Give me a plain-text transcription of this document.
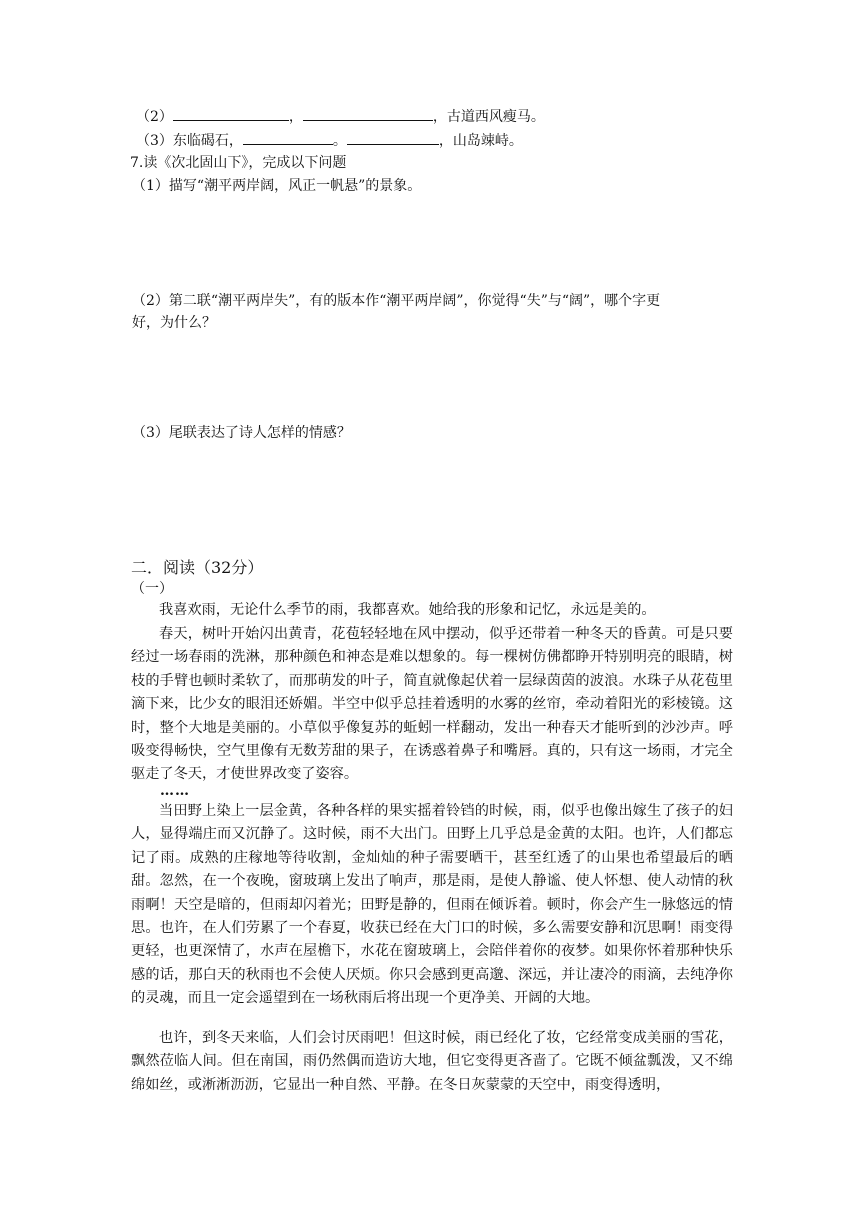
（2）	，	，古道西风瘦马。
（3）东临碣石，	。	，山岛竦峙。
7.读《次北固山下》，完成以下问题
（1）描写“潮平两岸阔，风正一帆悬”的景象。
（2）第二联“潮平两岸失”，有的版本作“潮平两岸阔”，你觉得“失”与“阔”，哪个字更
好，为什么？
（3）尾联表达了诗人怎样的情感？
二．阅读（32分）
（一）

我喜欢雨，无论什么季节的雨，我都喜欢。她给我的形象和记忆，永远是美的。

春天，树叶开始闪出黄青，花苞轻轻地在风中摆动，似乎还带着一种冬天的昏黄。可是只要经过一场春雨的洗淋，那种颜色和神态是难以想象的。每一棵树仿佛都睁开特别明亮的眼睛，树枝的手臂也顿时柔软了，而那萌发的叶子，简直就像起伏着一层绿茵茵的波浪。水珠子从花苞里滴下来，比少女的眼泪还娇媚。半空中似乎总挂着透明的水雾的丝帘，牵动着阳光的彩棱镜。这时，整个大地是美丽的。小草似乎像复苏的蚯蚓一样翻动，发出一种春天才能听到的沙沙声。呼吸变得畅快，空气里像有无数芳甜的果子，在诱惑着鼻子和嘴唇。真的，只有这一场雨，才完全驱走了冬天，才使世界改变了姿容。

……

当田野上染上一层金黄，各种各样的果实摇着铃铛的时候，雨，似乎也像出嫁生了孩子的妇人，显得端庄而又沉静了。这时候，雨不大出门。田野上几乎总是金黄的太阳。也许，人们都忘记了雨。成熟的庄稼地等待收割，金灿灿的种子需要晒干，甚至红透了的山果也希望最后的晒甜。忽然，在一个夜晚，窗玻璃上发出了响声，那是雨，是使人静谧、使人怀想、使人动情的秋雨啊！天空是暗的，但雨却闪着光；田野是静的，但雨在倾诉着。顿时，你会产生一脉悠远的情思。也许，在人们劳累了一个春夏，收获已经在大门口的时候，多么需要安静和沉思啊！雨变得更轻，也更深情了，水声在屋檐下，水花在窗玻璃上，会陪伴着你的夜梦。如果你怀着那种快乐感的话，那白天的秋雨也不会使人厌烦。你只会感到更高邈、深远，并让凄冷的雨滴，去纯净你的灵魂，而且一定会遥望到在一场秋雨后将出现一个更净美、开阔的大地。

也许，到冬天来临，人们会讨厌雨吧！但这时候，雨已经化了妆，它经常变成美丽的雪花，飘然莅临人间。但在南国，雨仍然偶而造访大地，但它变得更吝啬了。它既不倾盆瓢泼，又不绵绵如丝，或淅淅沥沥，它显出一种自然、平静。在冬日灰蒙蒙的天空中，雨变得透明，
